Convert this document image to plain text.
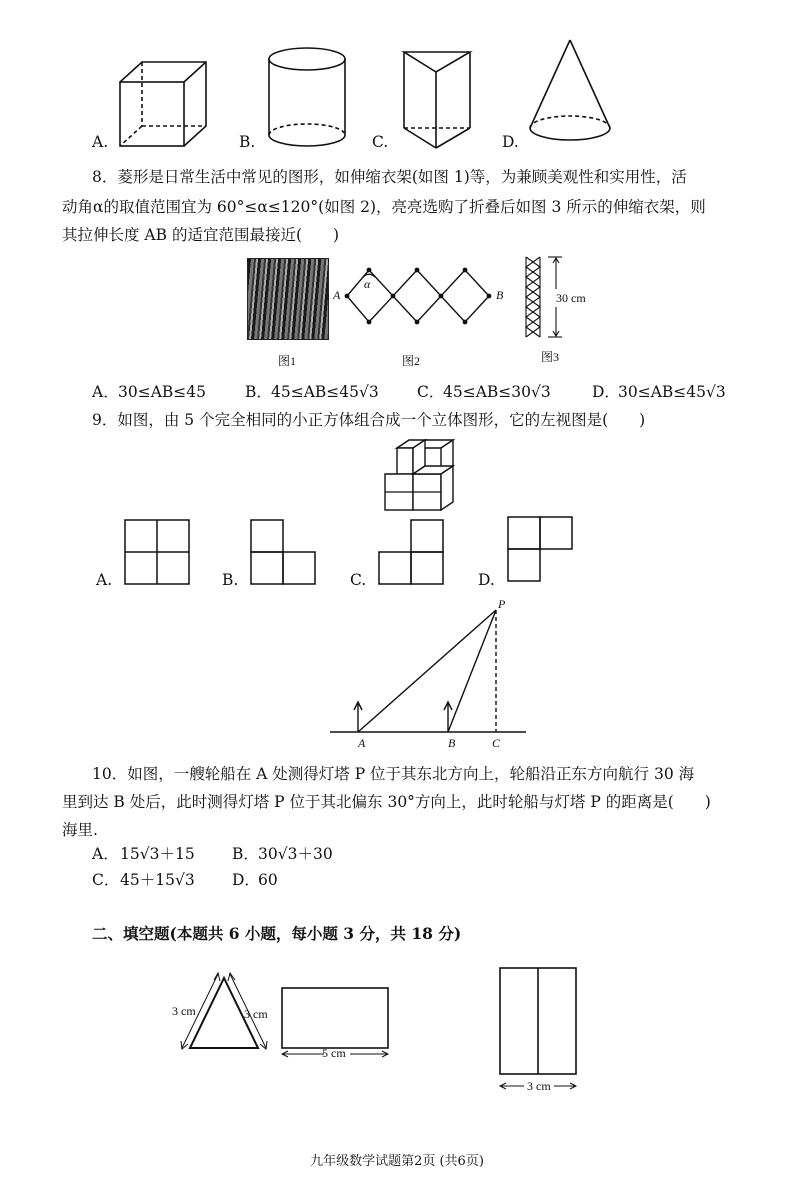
A.	B.	C.	D.
8．菱形是日常生活中常见的图形，如伸缩衣架(如图 1)等，为兼顾美观性和实用性，活
动角α的取值范围宜为 60°≤α≤120°(如图 2)，亮亮选购了折叠后如图 3 所示的伸缩衣架，则
其拉伸长度 AB 的适宜范围最接近(　　)
图1
A	B
α
图2
30 cm
图3
A． 30≤AB≤45	B． 45≤AB≤45√3 C．
45≤AB≤30√3	D．
30≤AB≤45√3
9．如图，由 5 个完全相同的小正方体组合成一个立体图形，它的左视图是(　　)
A.	B.	C.	D.
P
A	B	C
10．如图，一艘轮船在 A 处测得灯塔 P 位于其东北方向上，轮船沿正东方向航行 30 海
里到达 B 处后，此时测得灯塔 P 位于其北偏东 30°方向上，此时轮船与灯塔 P 的距离是(　　)
海里.
A． 15√3＋15 B． 30√3＋30
C． 45＋15√3 D．
60
二、填空题(本题共 6 小题，每小题 3 分，共 18 分)
3 cm	3 cm
5 cm
3 cm
九年级数学试题第2页 (共6页)
